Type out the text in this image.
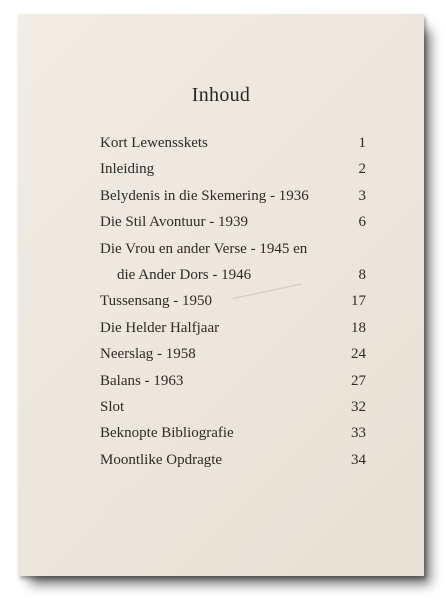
Inhoud
Kort Lewensskets	1
Inleiding	2
Belydenis in die Skemering - 1936	3
Die Stil Avontuur - 1939	6
Die Vrou en ander Verse - 1945 en
die Ander Dors - 1946	8
Tussensang - 1950	17
Die Helder Halfjaar	18
Neerslag - 1958	24
Balans - 1963	27
Slot	32
Beknopte Bibliografie	33
Moontlike Opdragte	34
